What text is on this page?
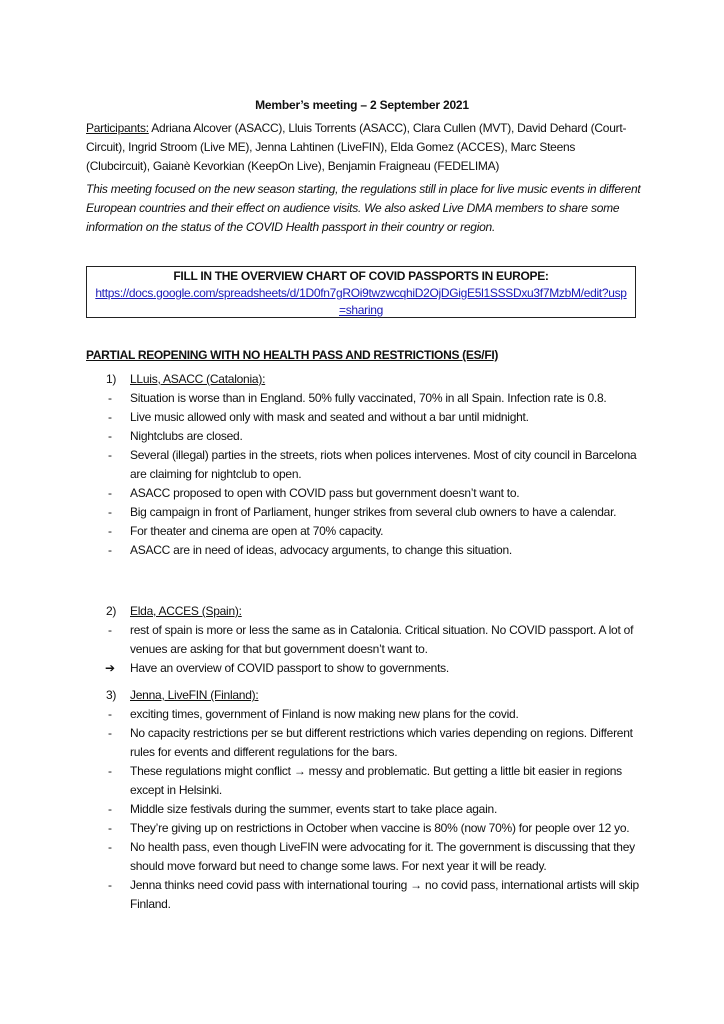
Member’s meeting – 2 September 2021
Participants: Adriana Alcover (ASACC), Lluis Torrents (ASACC), Clara Cullen (MVT), David Dehard (Court-Circuit), Ingrid Stroom (Live ME), Jenna Lahtinen (LiveFIN), Elda Gomez (ACCES), Marc Steens (Clubcircuit), Gaianè Kevorkian (KeepOn Live), Benjamin Fraigneau (FEDELIMA)
This meeting focused on the new season starting, the regulations still in place for live music events in different European countries and their effect on audience visits. We also asked Live DMA members to share some information on the status of the COVID Health passport in their country or region.
FILL IN THE OVERVIEW CHART OF COVID PASSPORTS IN EUROPE:
https://docs.google.com/spreadsheets/d/1D0fn7gROi9twzwcqhiD2OjDGigE5l1SSSDxu3f7MzbM/edit?usp=sharing
PARTIAL REOPENING WITH NO HEALTH PASS AND RESTRICTIONS (ES/FI)
1) LLuis, ASACC (Catalonia):
- Situation is worse than in England. 50% fully vaccinated, 70% in all Spain. Infection rate is 0.8.
- Live music allowed only with mask and seated and without a bar until midnight.
- Nightclubs are closed.
- Several (illegal) parties in the streets, riots when polices intervenes. Most of city council in Barcelona are claiming for nightclub to open.
- ASACC proposed to open with COVID pass but government doesn’t want to.
- Big campaign in front of Parliament, hunger strikes from several club owners to have a calendar.
- For theater and cinema are open at 70% capacity.
- ASACC are in need of ideas, advocacy arguments, to change this situation.
2) Elda, ACCES (Spain):
- rest of spain is more or less the same as in Catalonia. Critical situation. No COVID passport. A lot of venues are asking for that but government doesn’t want to.
➔ Have an overview of COVID passport to show to governments.
3) Jenna, LiveFIN (Finland):
- exciting times, government of Finland is now making new plans for the covid.
- No capacity restrictions per se but different restrictions which varies depending on regions. Different rules for events and different regulations for the bars.
- These regulations might conflict → messy and problematic. But getting a little bit easier in regions except in Helsinki.
- Middle size festivals during the summer, events start to take place again.
- They’re giving up on restrictions in October when vaccine is 80% (now 70%) for people over 12 yo.
- No health pass, even though LiveFIN were advocating for it. The government is discussing that they should move forward but need to change some laws. For next year it will be ready.
- Jenna thinks need covid pass with international touring → no covid pass, international artists will skip Finland.
